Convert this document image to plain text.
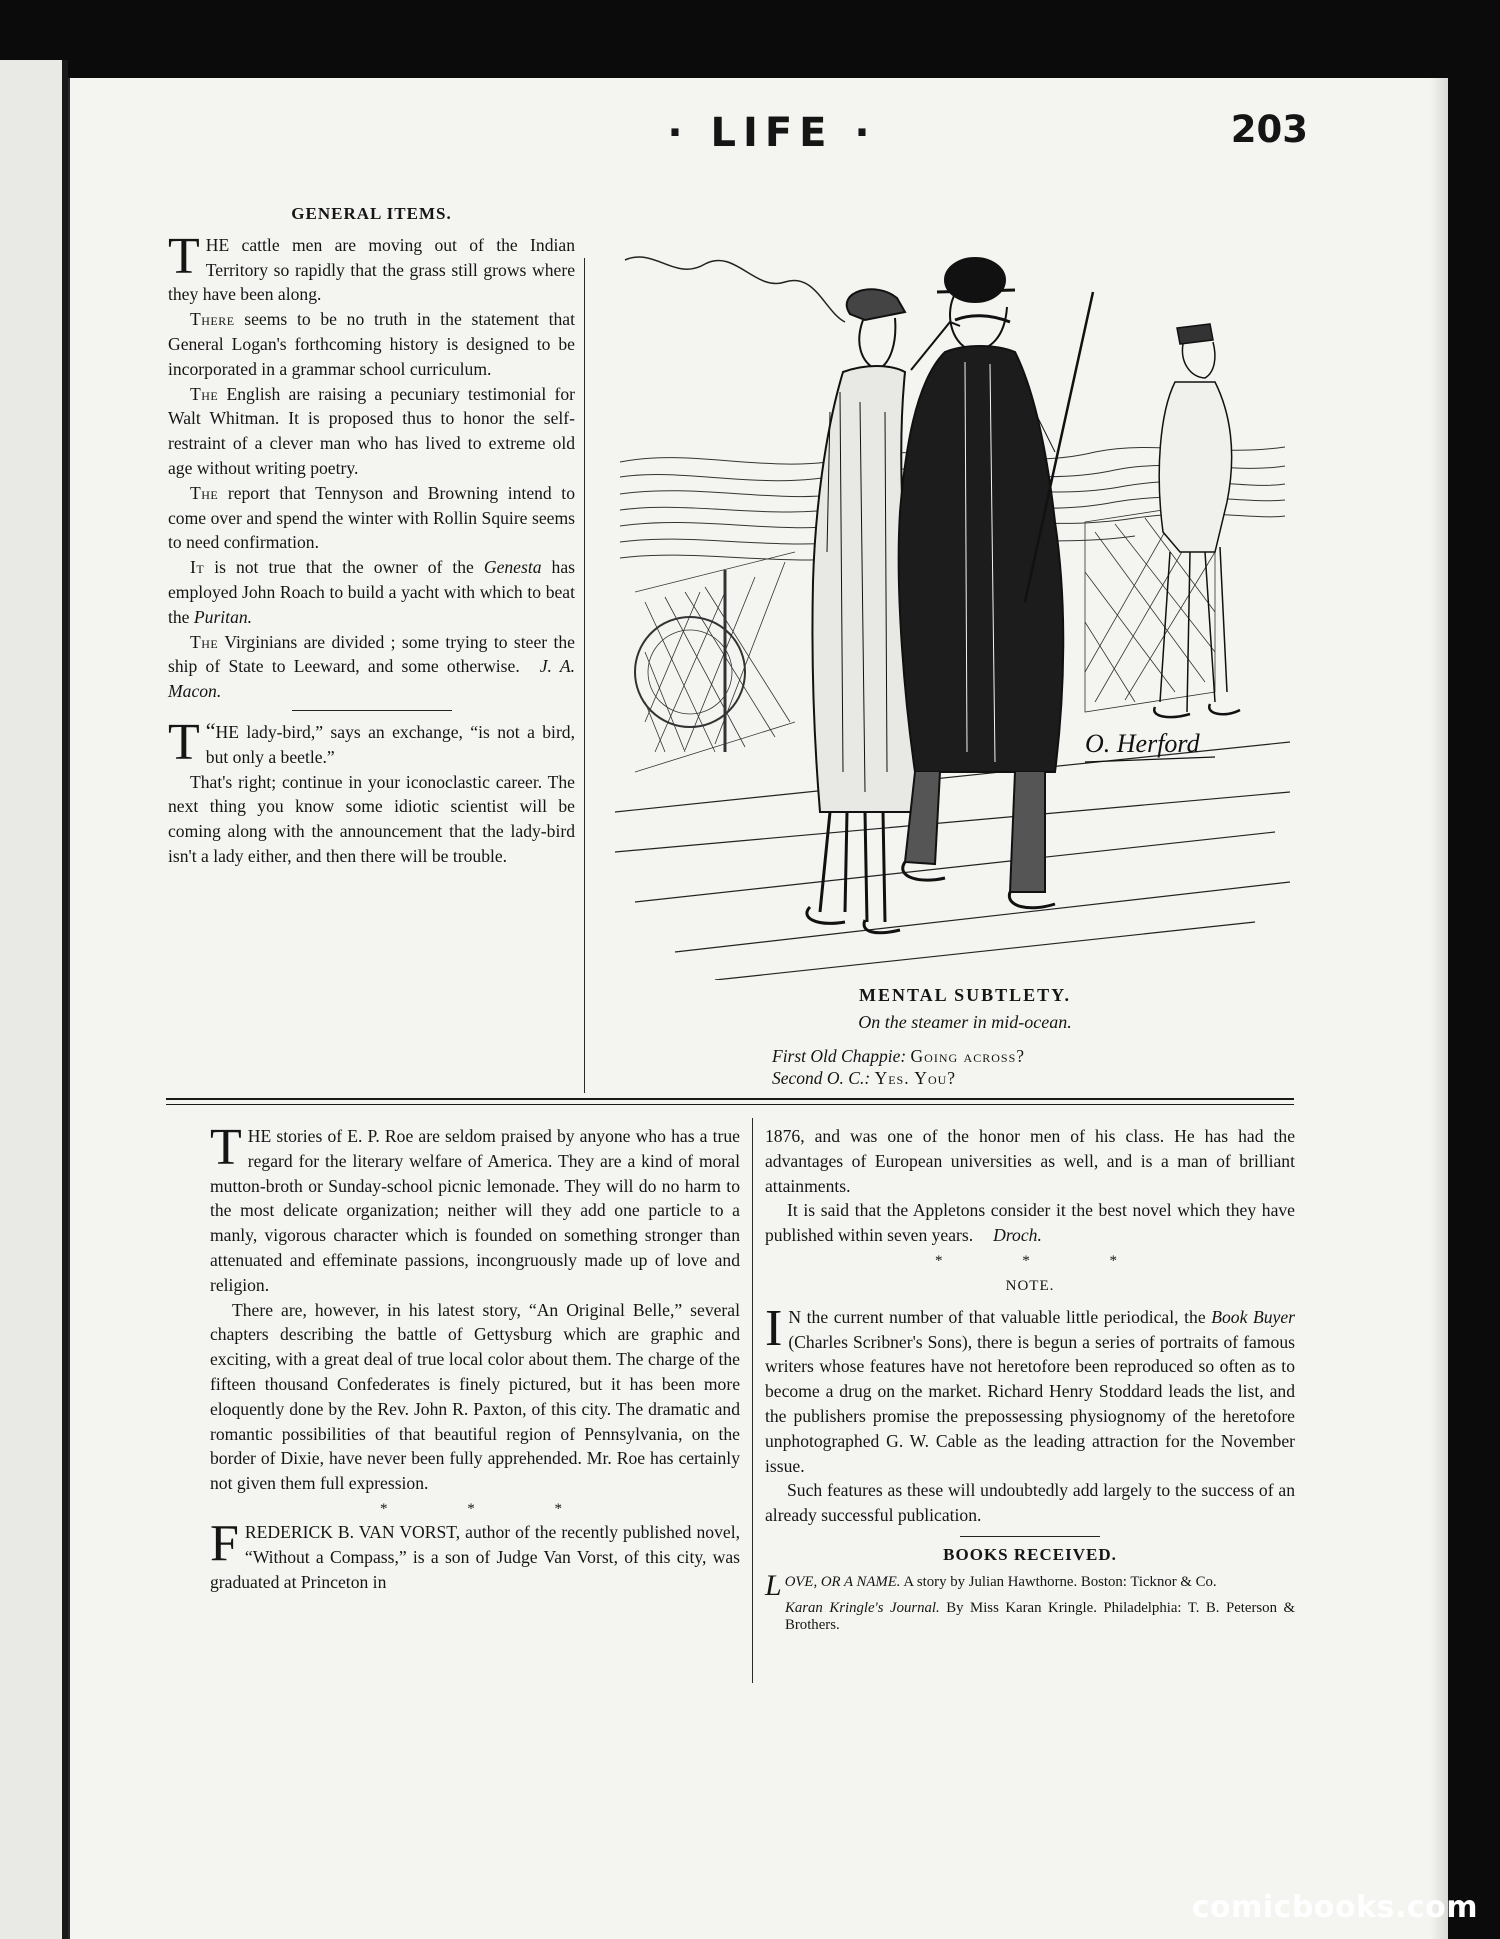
· LIFE ·	203
GENERAL ITEMS.

THE cattle men are moving out of the Indian Territory so rapidly that the grass still grows where they have been along.

There seems to be no truth in the statement that General Logan's forthcoming history is designed to be incorporated in a grammar school curriculum.

The English are raising a pecuniary testimonial for Walt Whitman. It is proposed thus to honor the self-restraint of a clever man who has lived to extreme old age without writing poetry.

The report that Tennyson and Browning intend to come over and spend the winter with Rollin Squire seems to need confirmation.

It is not true that the owner of the Genesta has employed John Roach to build a yacht with which to beat the Puritan.

The Virginians are divided ; some trying to steer the ship of State to Leeward, and some otherwise. J. A. Macon.

“
T HE lady-bird,” says an exchange, “is not a bird, but only a beetle.”

That's right; continue in your iconoclastic career. The next thing you know some idiotic scientist will be coming along with the announcement that the lady-bird isn't a lady either, and then there will be trouble.

O. Herford
MENTAL SUBTLETY.
On the steamer in mid-ocean.
First Old Chappie: Going across?
Second O. C.: Yes. You?

THE stories of E. P. Roe are seldom praised by anyone who has a true regard for the literary welfare of America. They are a kind of moral mutton-broth or Sunday-school picnic lemonade. They will do no harm to the most delicate organization; neither will they add one particle to a manly, vigorous character which is founded on something stronger than attenuated and effeminate passions, incongruously made up of love and religion.

There are, however, in his latest story, “An Original Belle,” several chapters describing the battle of Gettysburg which are graphic and exciting, with a great deal of true local color about them. The charge of the fifteen thousand Confederates is finely pictured, but it has been more eloquently done by the Rev. John R. Paxton, of this city. The dramatic and romantic possibilities of that beautiful region of Pennsylvania, on the border of Dixie, have never been fully apprehended. Mr. Roe has certainly not given them full expression.

* * *

FREDERICK B. VAN VORST, author of the recently published novel, “Without a Compass,” is a son of Judge Van Vorst, of this city, was graduated at Princeton in

1876, and was one of the honor men of his class. He has had the advantages of European universities as well, and is a man of brilliant attainments.

It is said that the Appletons consider it the best novel which they have published within seven years. Droch.

* * *
NOTE.

I N the current number of that valuable little periodical, the Book Buyer (Charles Scribner's Sons), there is begun a series of portraits of famous writers whose features have not heretofore been reproduced so often as to become a drug on the market. Richard Henry Stoddard leads the list, and the publishers promise the prepossessing physiognomy of the heretofore unphotographed G. W. Cable as the leading attraction for the November issue.

Such features as these will undoubtedly add largely to the success of an already successful publication.

BOOKS RECEIVED.

LOVE, OR A NAME. A story by Julian Hawthorne. Boston: Ticknor & Co.

Karan Kringle's Journal. By Miss Karan Kringle. Philadelphia: T. B. Peterson & Brothers.

comicbooks.com
